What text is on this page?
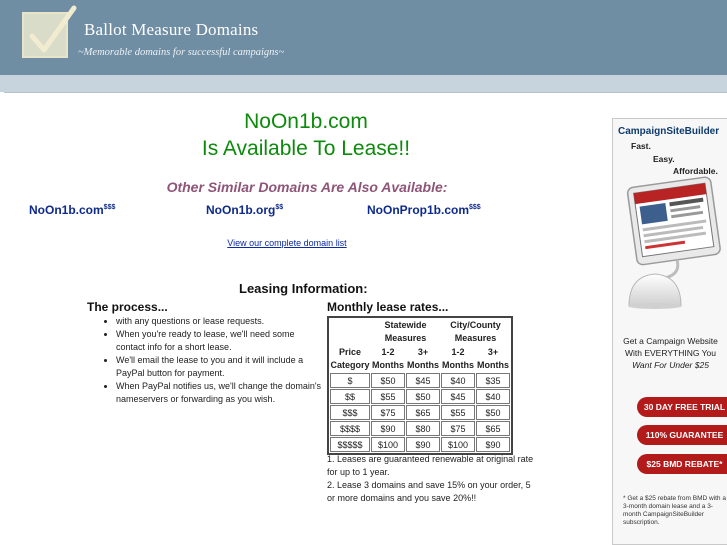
Ballot Measure Domains
~Memorable domains for successful campaigns~
NoOn1b.com
Is Available To Lease!!
Other Similar Domains Are Also Available:
NoOn1b.com$$$	NoOn1b.org$$	NoOnProp1b.com$$$
View our complete domain list
Leasing Information:
The process...
• with any questions or lease requests.
• When you're ready to lease, we'll need some contact info for a short lease.
• We'll email the lease to you and it will include a PayPal button for payment.
• When PayPal notifies us, we'll change the domain's nameservers or forwarding as you wish.
Monthly lease rates...
	Statewide Measures		City/County Measures	
Price Category	1-2 Months	3+ Months	1-2 Months	3+ Months
$	$50	$45	$40	$35
$$	$55	$50	$45	$40
$$$	$75	$65	$55	$50
$$$$	$90	$80	$75	$65
$$$$$	$100	$90	$100	$90
1. Leases are guaranteed renewable at original rate for up to 1 year.
2. Lease 3 domains and save 15% on your order, 5 or more domains and you save 20%!!
CampaignSiteBuilder
Fast.
Easy.
Affordable.
Get a Campaign Website
With EVERYTHING You
Want For Under $25
30 DAY FREE TRIAL
110% GUARANTEE
$25 BMD REBATE*
* Get a $25 rebate from BMD with a 3-month domain lease and a 3-month CampaignSiteBuilder subscription.
